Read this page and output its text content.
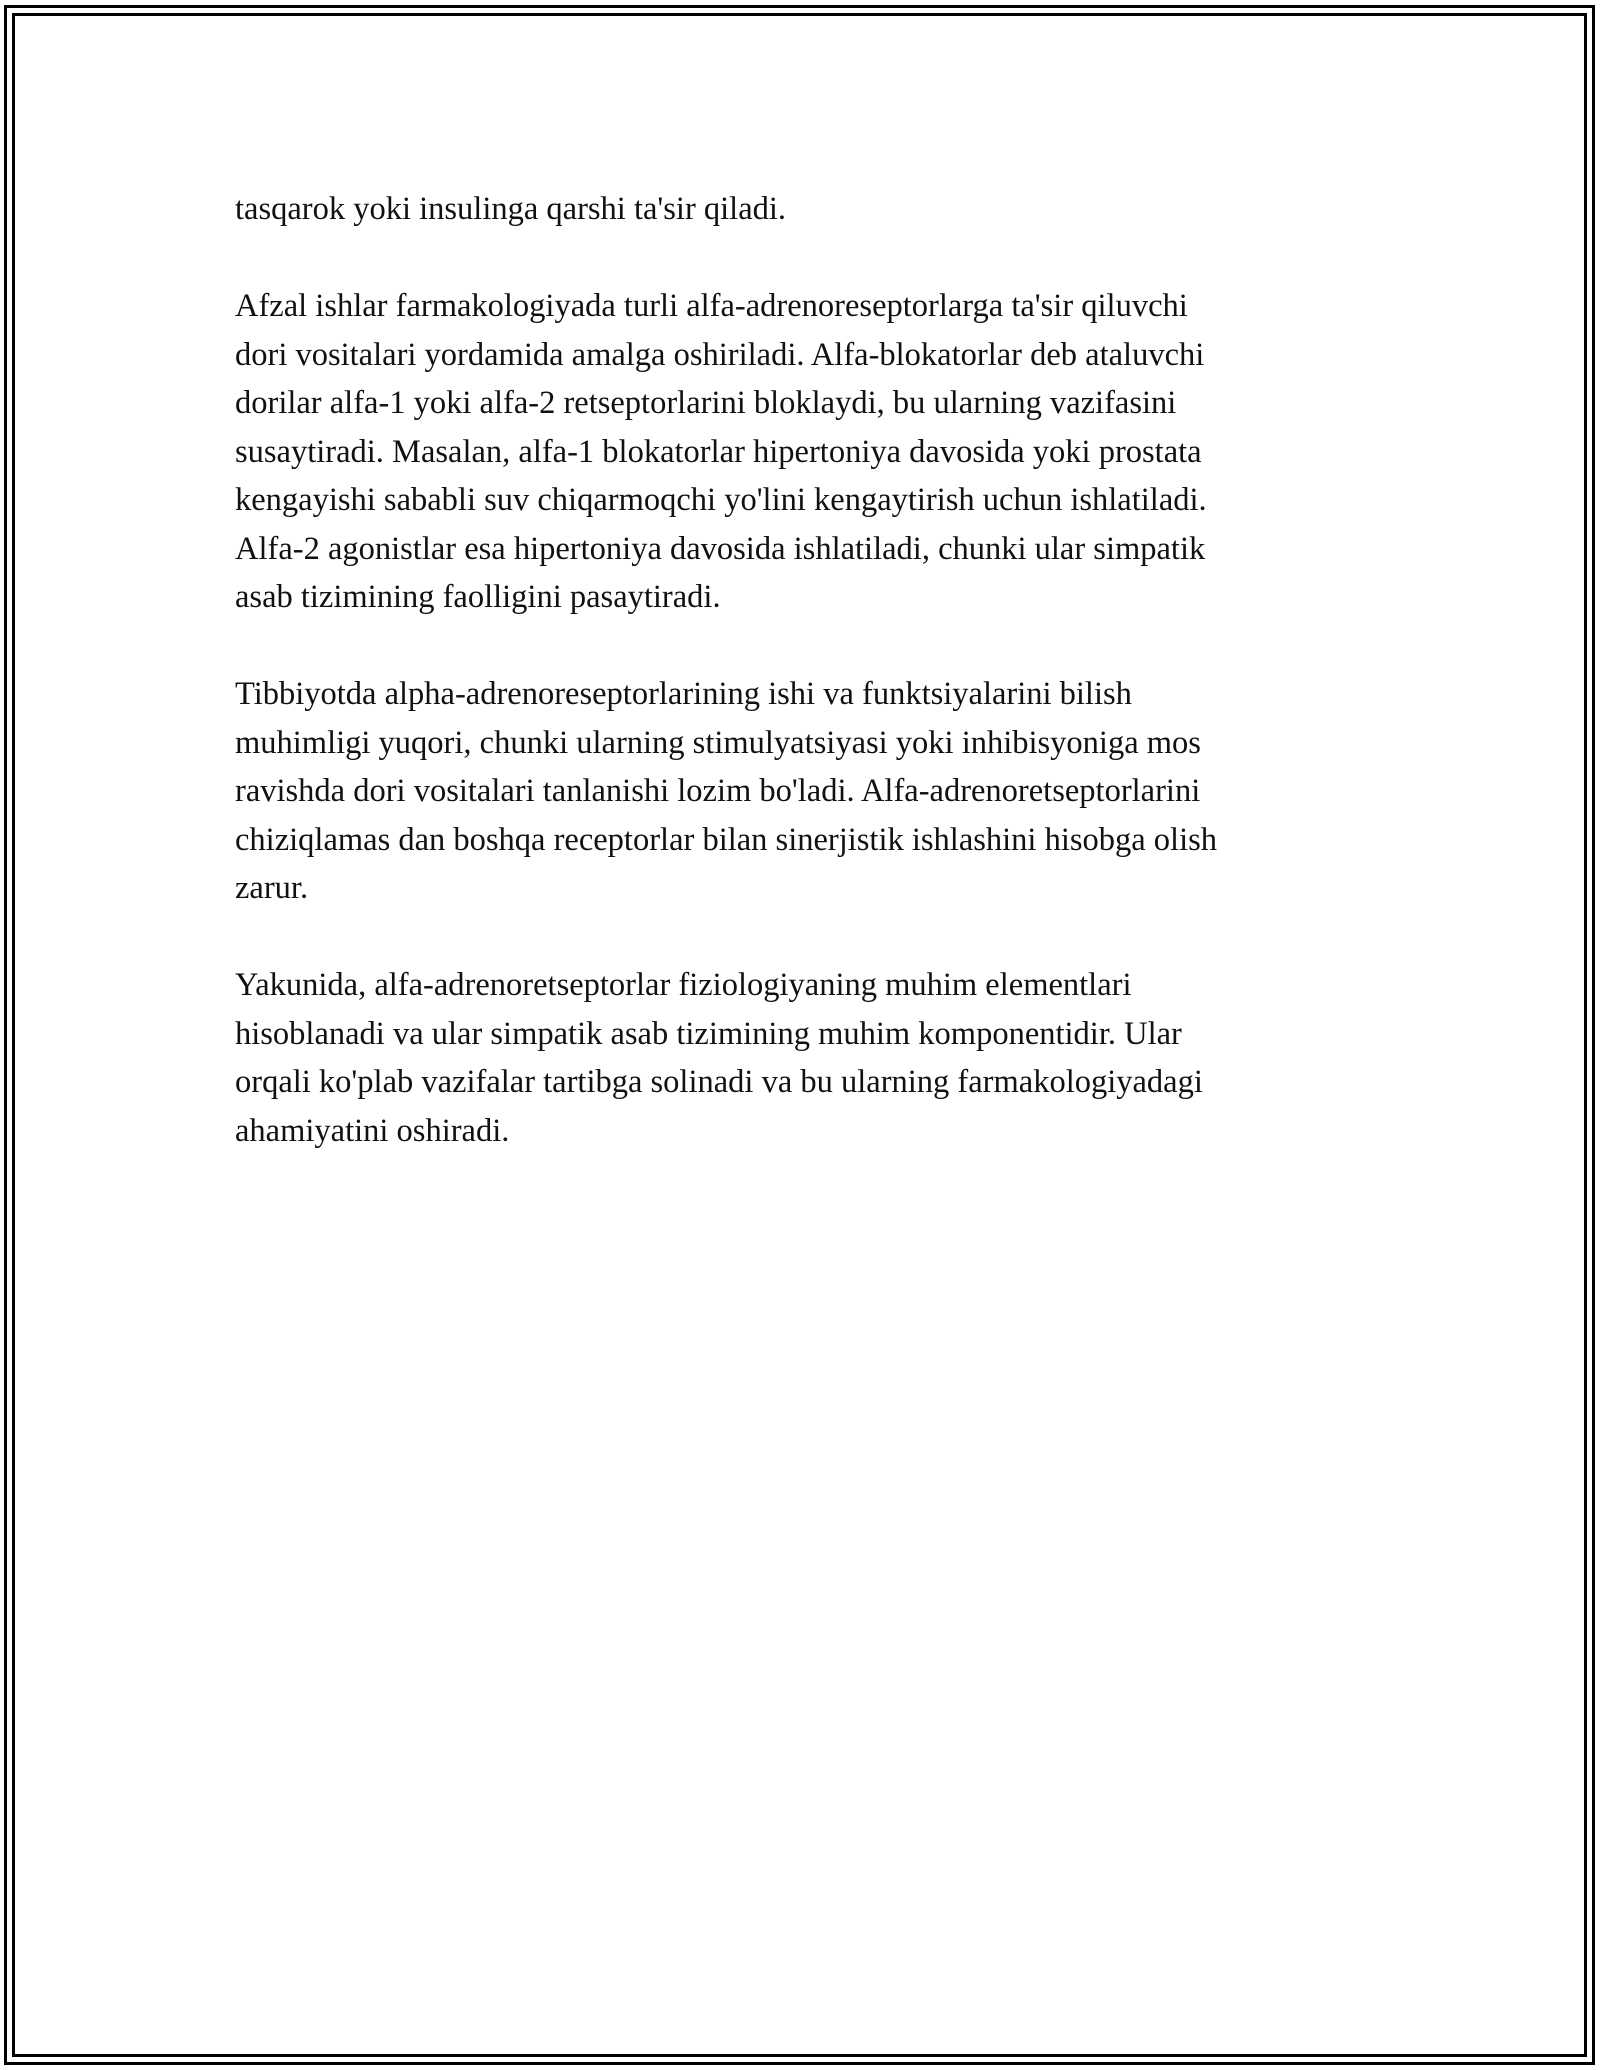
tasqarok yoki insulinga qarshi ta'sir qiladi.

Afzal ishlar farmakologiyada turli alfa-adrenoreseptorlarga ta'sir qiluvchi
dori vositalari yordamida amalga oshiriladi. Alfa-blokatorlar deb ataluvchi
dorilar alfa-1 yoki alfa-2 retseptorlarini bloklaydi, bu ularning vazifasini
susaytiradi. Masalan, alfa-1 blokatorlar hipertoniya davosida yoki prostata
kengayishi sababli suv chiqarmoqchi yo'lini kengaytirish uchun ishlatiladi.
Alfa-2 agonistlar esa hipertoniya davosida ishlatiladi, chunki ular simpatik
asab tizimining faolligini pasaytiradi.

Tibbiyotda alpha-adrenoreseptorlarining ishi va funktsiyalarini bilish
muhimligi yuqori, chunki ularning stimulyatsiyasi yoki inhibisyoniga mos
ravishda dori vositalari tanlanishi lozim bo'ladi. Alfa-adrenoretseptorlarini
chiziqlamas dan boshqa receptorlar bilan sinerjistik ishlashini hisobga olish
zarur.

Yakunida, alfa-adrenoretseptorlar fiziologiyaning muhim elementlari
hisoblanadi va ular simpatik asab tizimining muhim komponentidir. Ular
orqali ko'plab vazifalar tartibga solinadi va bu ularning farmakologiyadagi
ahamiyatini oshiradi.
